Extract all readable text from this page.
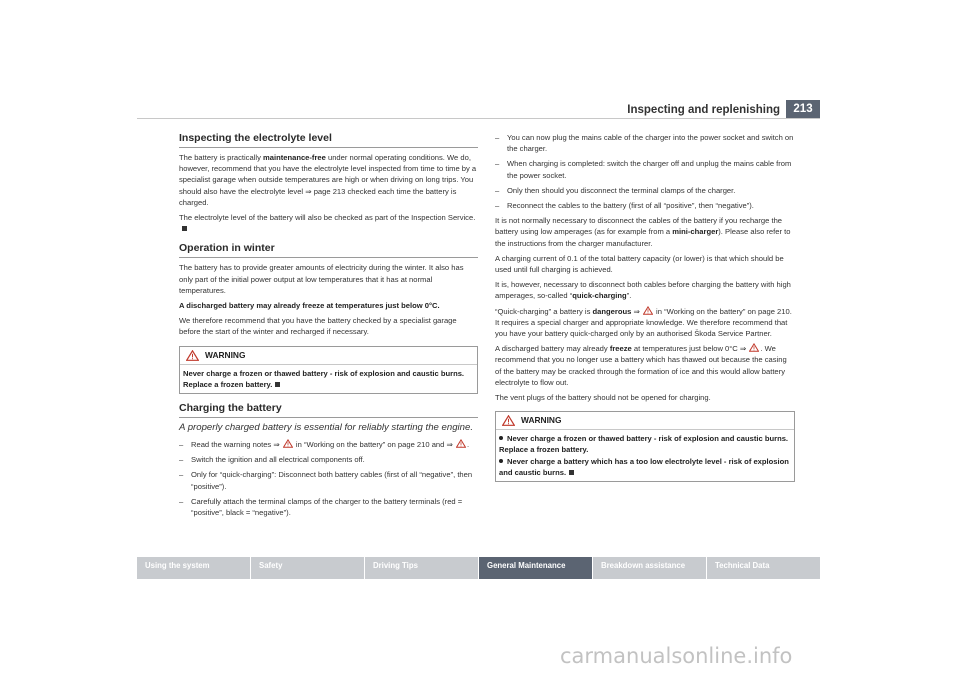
Inspecting and replenishing	213
Inspecting the electrolyte level

The battery is practically maintenance-free under normal operating conditions. We do, however, recommend that you have the electrolyte level inspected from time to time by a specialist garage when outside temperatures are high or when driving on long trips. You should also have the electrolyte level ⇒ page 213 checked each time the battery is charged.

The electrolyte level of the battery will also be checked as part of the Inspection Service.

Operation in winter

The battery has to provide greater amounts of electricity during the winter. It also has only part of the initial power output at low temperatures that it has at normal temperatures.

A discharged battery may already freeze at temperatures just below 0°C.

We therefore recommend that you have the battery checked by a specialist garage before the start of the winter and recharged if necessary.

WARNING
Never charge a frozen or thawed battery - risk of explosion and caustic burns. Replace a frozen battery.
Charging the battery
A properly charged battery is essential for reliably starting the engine.
– Read the warning notes ⇒  in “Working on the battery” on page 210 and ⇒ .
– Switch the ignition and all electrical components off.
– Only for “quick-charging”: Disconnect both battery cables (first of all “negative”, then “positive”).
– Carefully attach the terminal clamps of the charger to the battery terminals (red = “positive”, black = “negative”).
– You can now plug the mains cable of the charger into the power socket and switch on the charger.
– When charging is completed: switch the charger off and unplug the mains cable from the power socket.
– Only then should you disconnect the terminal clamps of the charger.
– Reconnect the cables to the battery (first of all “positive”, then “negative”).

It is not normally necessary to disconnect the cables of the battery if you recharge the battery using low amperages (as for example from a mini-charger). Please also refer to the instructions from the charger manufacturer.

A charging current of 0.1 of the total battery capacity (or lower) is that which should be used until full charging is achieved.

It is, however, necessary to disconnect both cables before charging the battery with high amperages, so-called “quick-charging”.

“Quick-charging” a battery is dangerous ⇒  in “Working on the battery” on page 210. It requires a special charger and appropriate knowledge. We therefore recommend that you have your battery quick-charged only by an authorised Škoda Service Partner.

A discharged battery may already freeze at temperatures just below 0°C ⇒ . We recommend that you no longer use a battery which has thawed out because the casing of the battery may be cracked through the formation of ice and this would allow battery electrolyte to flow out.

The vent plugs of the battery should not be opened for charging.

WARNING
Never charge a frozen or thawed battery - risk of explosion and caustic burns. Replace a frozen battery.
Never charge a battery which has a too low electrolyte level - risk of explosion and caustic burns.
Using the system	Safety	Driving Tips	General Maintenance	Breakdown assistance	Technical Data
carmanualsonline.info
